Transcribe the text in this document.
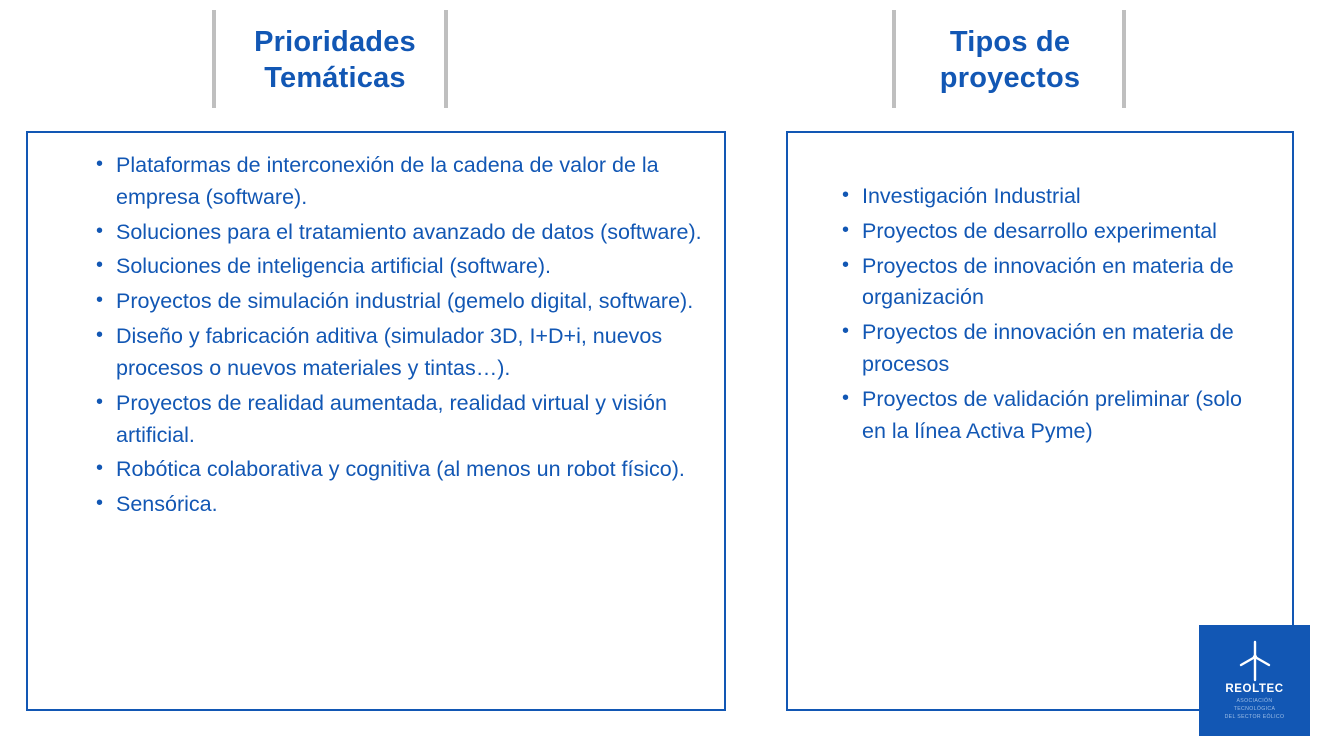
Prioridades Temáticas
Tipos de proyectos
• Plataformas de interconexión de la cadena de valor de la empresa (software).
• Soluciones para el tratamiento avanzado de datos (software).
• Soluciones de inteligencia artificial (software).
• Proyectos de simulación industrial (gemelo digital, software).
• Diseño y fabricación aditiva (simulador 3D, I+D+i, nuevos procesos o nuevos materiales y tintas…).
• Proyectos de realidad aumentada, realidad virtual y visión artificial.
• Robótica colaborativa y cognitiva (al menos un robot físico).
• Sensórica.
• Investigación Industrial
• Proyectos de desarrollo experimental
• Proyectos de innovación en materia de organización
• Proyectos de innovación en materia de procesos
• Proyectos de validación preliminar (solo en la línea Activa Pyme)
REOLTEC
ASOCIACIÓN
TECNOLÓGICA
DEL SECTOR EÓLICO
